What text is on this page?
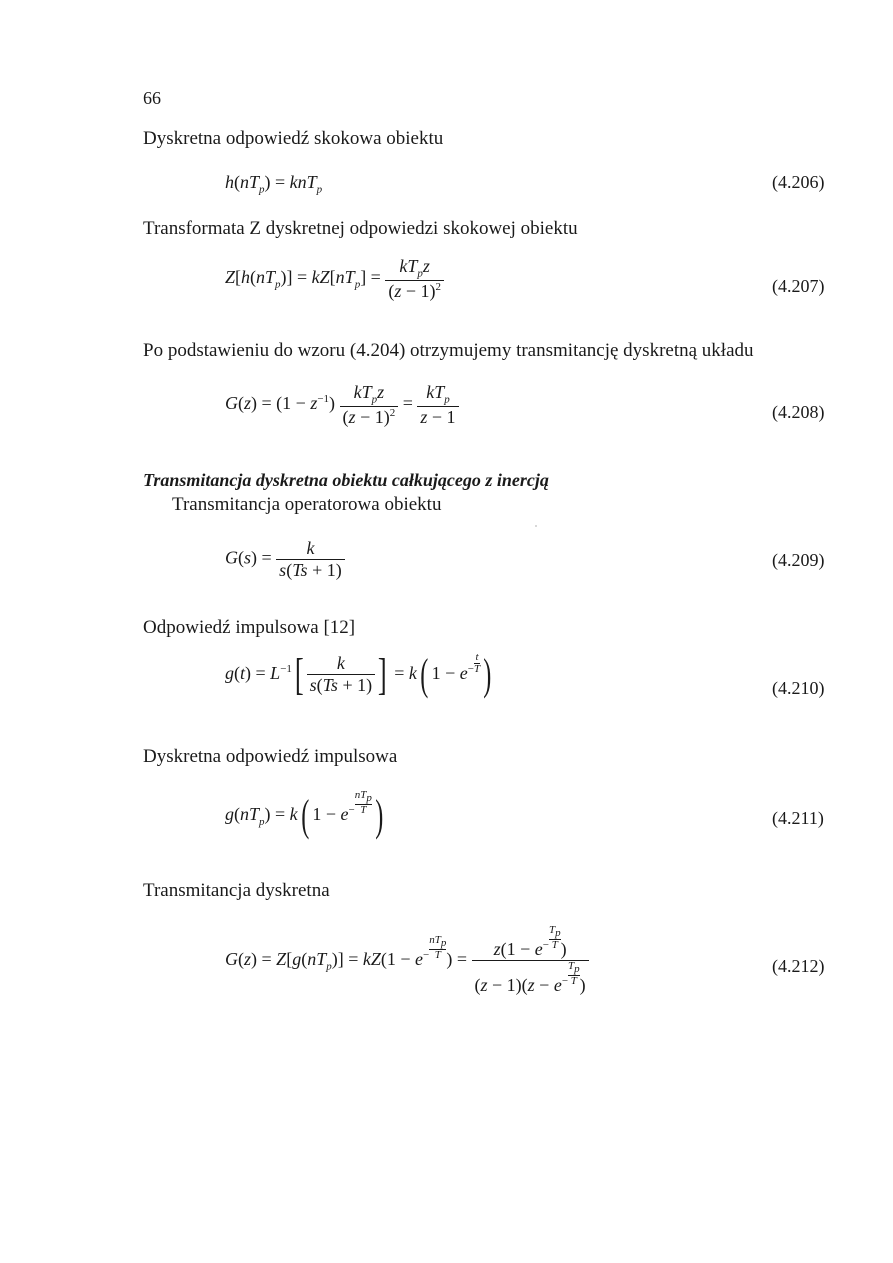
66
Dyskretna odpowiedź skokowa obiektu
$h(nT_p) = knT_p$	(4.206)
Transformata Z dyskretnej odpowiedzi skokowej obiektu
$Z[h(nT_p)] = kZ[nT_p] = \frac{kT_pz}{(z - 1)^2}$	(4.207)
Po podstawieniu do wzoru (4.204) otrzymujemy transmitancję dyskretną układu
$G(z) = (1 - z^{-1}) \frac{kT_pz}{(z - 1)^2} = \frac{kT_p}{z - 1}$	(4.208)
Transmitancja dyskretna obiektu całkującego z inercją
Transmitancja operatorowa obiektu
$G(s) = \frac{k}{s(Ts + 1)}$	(4.209)
Odpowiedź impulsowa [12]
$g(t) = L^{-1}[ \frac{k}{s(Ts + 1)}$ ] = k( $1 - e- \frac{t}{T}$ )	(4.210)
Dyskretna odpowiedź impulsowa
$g(nT_p) = k$( 1 − e−
$nT_p$
T )	(4.211)
Transmitancja dyskretna
$G(z) = Z[g(nT_p)] = kZ(1 - e-$
$nT_p$
T ) = $\frac{z(1 - e- \frac{T_p}{T} )}{(z - 1)(z - e- \frac{T_p}{T} )}$	(4.212)
